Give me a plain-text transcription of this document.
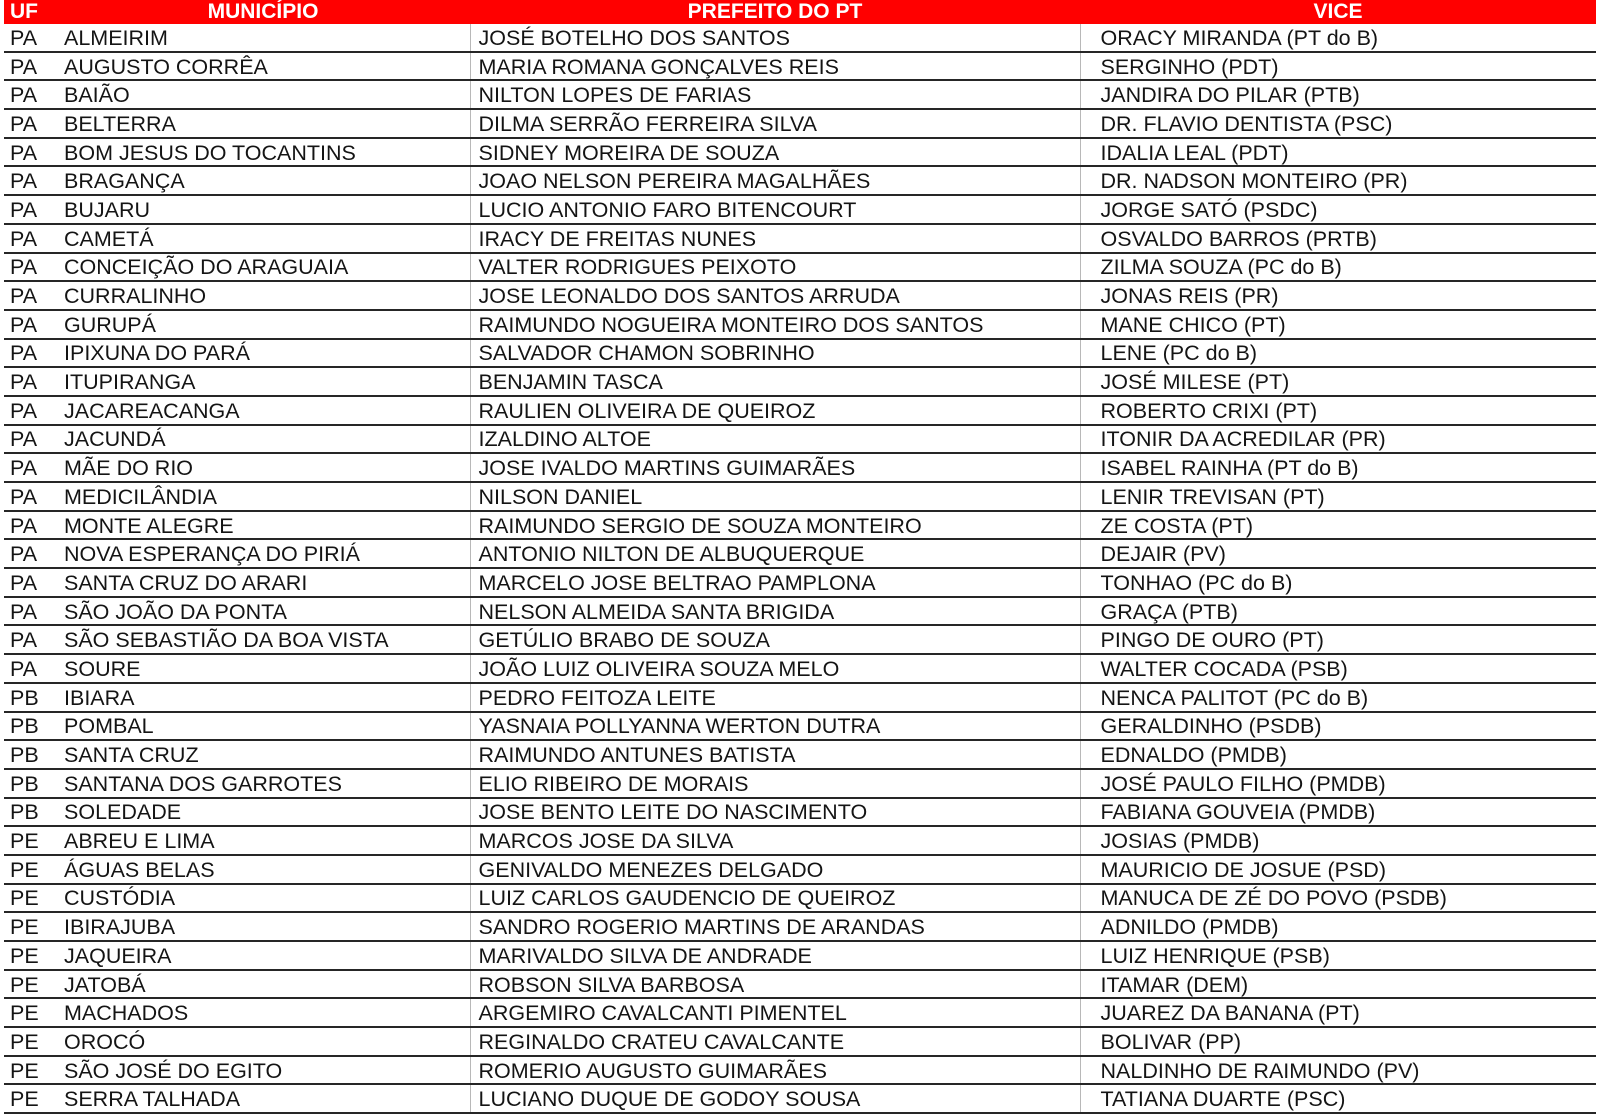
UF	MUNICÍPIO	PREFEITO DO PT	VICE
PA	ALMEIRIM	JOSÉ BOTELHO DOS SANTOS	ORACY MIRANDA (PT do B)
PA	AUGUSTO CORRÊA	MARIA ROMANA GONÇALVES REIS	SERGINHO (PDT)
PA	BAIÃO	NILTON LOPES DE FARIAS	JANDIRA DO PILAR (PTB)
PA	BELTERRA	DILMA SERRÃO FERREIRA SILVA	DR. FLAVIO DENTISTA (PSC)
PA	BOM JESUS DO TOCANTINS	SIDNEY MOREIRA DE SOUZA	IDALIA LEAL (PDT)
PA	BRAGANÇA	JOAO NELSON PEREIRA MAGALHÃES	DR. NADSON MONTEIRO (PR)
PA	BUJARU	LUCIO ANTONIO FARO BITENCOURT	JORGE SATÓ (PSDC)
PA	CAMETÁ	IRACY DE FREITAS NUNES	OSVALDO BARROS (PRTB)
PA	CONCEIÇÃO DO ARAGUAIA	VALTER RODRIGUES PEIXOTO	ZILMA SOUZA (PC do B)
PA	CURRALINHO	JOSE LEONALDO DOS SANTOS ARRUDA	JONAS REIS (PR)
PA	GURUPÁ	RAIMUNDO NOGUEIRA MONTEIRO DOS SANTOS	MANE CHICO (PT)
PA	IPIXUNA DO PARÁ	SALVADOR CHAMON SOBRINHO	LENE (PC do B)
PA	ITUPIRANGA	BENJAMIN TASCA	JOSÉ MILESE (PT)
PA	JACAREACANGA	RAULIEN OLIVEIRA DE QUEIROZ	ROBERTO CRIXI (PT)
PA	JACUNDÁ	IZALDINO ALTOE	ITONIR DA ACREDILAR (PR)
PA	MÃE DO RIO	JOSE IVALDO MARTINS GUIMARÃES	ISABEL RAINHA (PT do B)
PA	MEDICILÂNDIA	NILSON DANIEL	LENIR TREVISAN (PT)
PA	MONTE ALEGRE	RAIMUNDO SERGIO DE SOUZA MONTEIRO	ZE COSTA (PT)
PA	NOVA ESPERANÇA DO PIRIÁ	ANTONIO NILTON DE ALBUQUERQUE	DEJAIR (PV)
PA	SANTA CRUZ DO ARARI	MARCELO JOSE BELTRAO PAMPLONA	TONHAO (PC do B)
PA	SÃO JOÃO DA PONTA	NELSON ALMEIDA SANTA BRIGIDA	GRAÇA (PTB)
PA	SÃO SEBASTIÃO DA BOA VISTA	GETÚLIO BRABO DE SOUZA	PINGO DE OURO (PT)
PA	SOURE	JOÃO LUIZ OLIVEIRA SOUZA MELO	WALTER COCADA (PSB)
PB	IBIARA	PEDRO FEITOZA LEITE	NENCA PALITOT (PC do B)
PB	POMBAL	YASNAIA POLLYANNA WERTON DUTRA	GERALDINHO (PSDB)
PB	SANTA CRUZ	RAIMUNDO ANTUNES BATISTA	EDNALDO (PMDB)
PB	SANTANA DOS GARROTES	ELIO RIBEIRO DE MORAIS	JOSÉ PAULO FILHO (PMDB)
PB	SOLEDADE	JOSE BENTO LEITE DO NASCIMENTO	FABIANA GOUVEIA (PMDB)
PE	ABREU E LIMA	MARCOS JOSE DA SILVA	JOSIAS (PMDB)
PE	ÁGUAS BELAS	GENIVALDO MENEZES DELGADO	MAURICIO DE JOSUE (PSD)
PE	CUSTÓDIA	LUIZ CARLOS GAUDENCIO DE QUEIROZ	MANUCA DE ZÉ DO POVO (PSDB)
PE	IBIRAJUBA	SANDRO ROGERIO MARTINS DE ARANDAS	ADNILDO (PMDB)
PE	JAQUEIRA	MARIVALDO SILVA DE ANDRADE	LUIZ HENRIQUE (PSB)
PE	JATOBÁ	ROBSON SILVA BARBOSA	ITAMAR (DEM)
PE	MACHADOS	ARGEMIRO CAVALCANTI PIMENTEL	JUAREZ DA BANANA (PT)
PE	OROCÓ	REGINALDO CRATEU CAVALCANTE	BOLIVAR (PP)
PE	SÃO JOSÉ DO EGITO	ROMERIO AUGUSTO GUIMARÃES	NALDINHO DE RAIMUNDO (PV)
PE	SERRA TALHADA	LUCIANO DUQUE DE GODOY SOUSA	TATIANA DUARTE (PSC)
